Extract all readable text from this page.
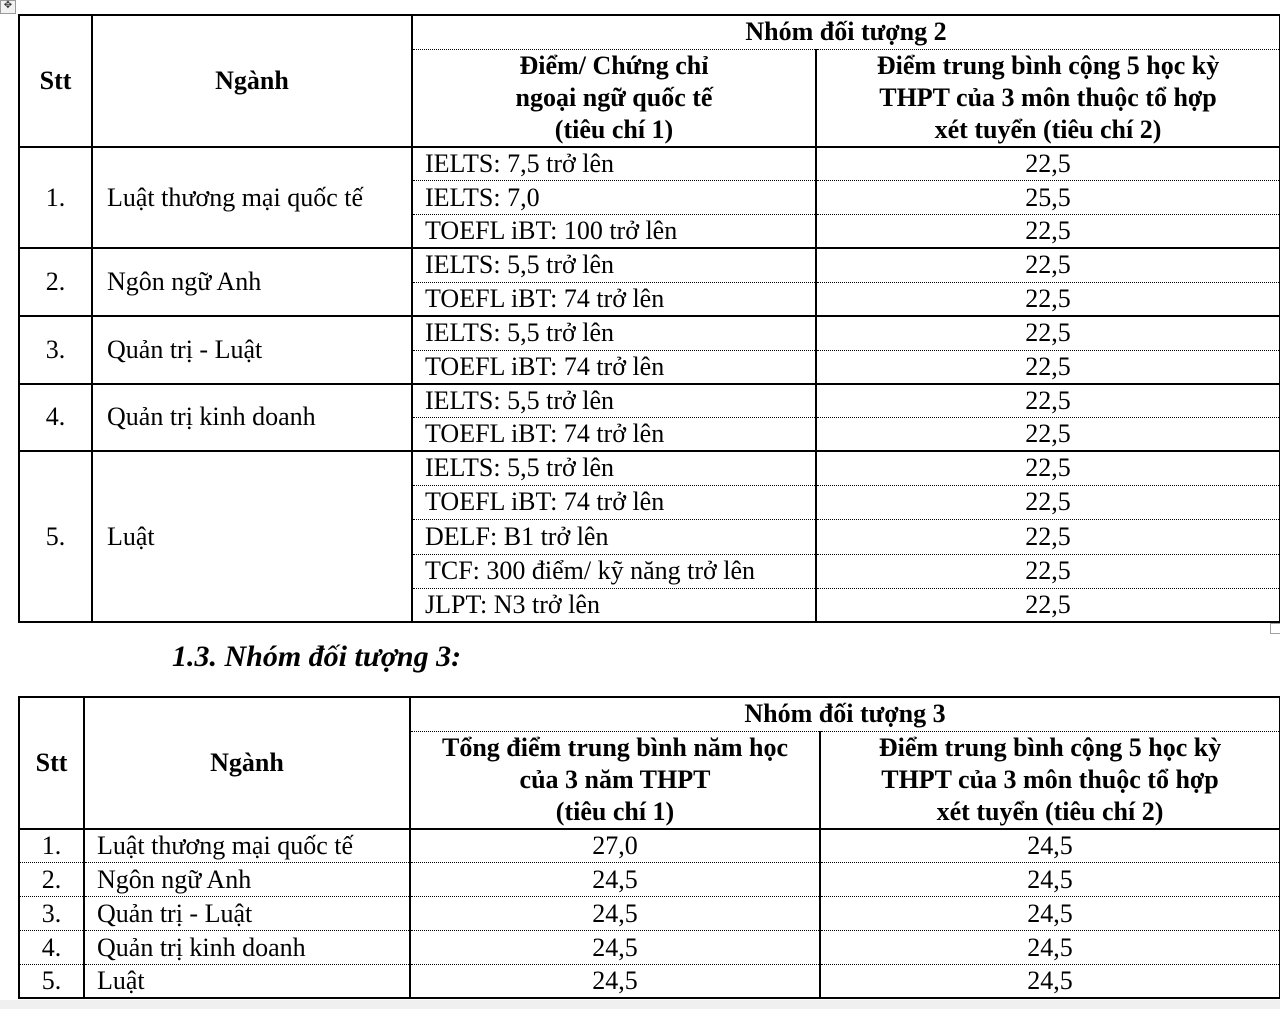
✥
Stt	Ngành	Nhóm đối tượng 2	

Điểm/ Chứng chỉ
ngoại ngữ quốc tế
(tiêu chí 1)

Điểm trung bình cộng 5 học kỳ
THPT của 3 môn thuộc tổ hợp
xét tuyển (tiêu chí 2)

1.	Luật thương mại quốc tế	IELTS: 7,5 trở lên	22,5
		IELTS: 7,0	25,5
		TOEFL iBT: 100 trở lên	22,5
2.	Ngôn ngữ Anh	IELTS: 5,5 trở lên	22,5
		TOEFL iBT: 74 trở lên	22,5
3.	Quản trị - Luật	IELTS: 5,5 trở lên	22,5
		TOEFL iBT: 74 trở lên	22,5
4.	Quản trị kinh doanh	IELTS: 5,5 trở lên	22,5
		TOEFL iBT: 74 trở lên	22,5
5.	Luật	IELTS: 5,5 trở lên	22,5
		TOEFL iBT: 74 trở lên	22,5
		DELF: B1 trở lên	22,5
		TCF: 300 điểm/ kỹ năng trở lên	22,5
		JLPT: N3 trở lên	22,5
1.3. Nhóm đối tượng 3:
Stt	Ngành	Nhóm đối tượng 3	

Tổng điểm trung bình năm học
của 3 năm THPT
(tiêu chí 1)

Điểm trung bình cộng 5 học kỳ
THPT của 3 môn thuộc tổ hợp
xét tuyển (tiêu chí 2)

1.	Luật thương mại quốc tế	27,0	24,5
2.	Ngôn ngữ Anh	24,5	24,5
3.	Quản trị - Luật	24,5	24,5
4.	Quản trị kinh doanh	24,5	24,5
5.	Luật	24,5	24,5
